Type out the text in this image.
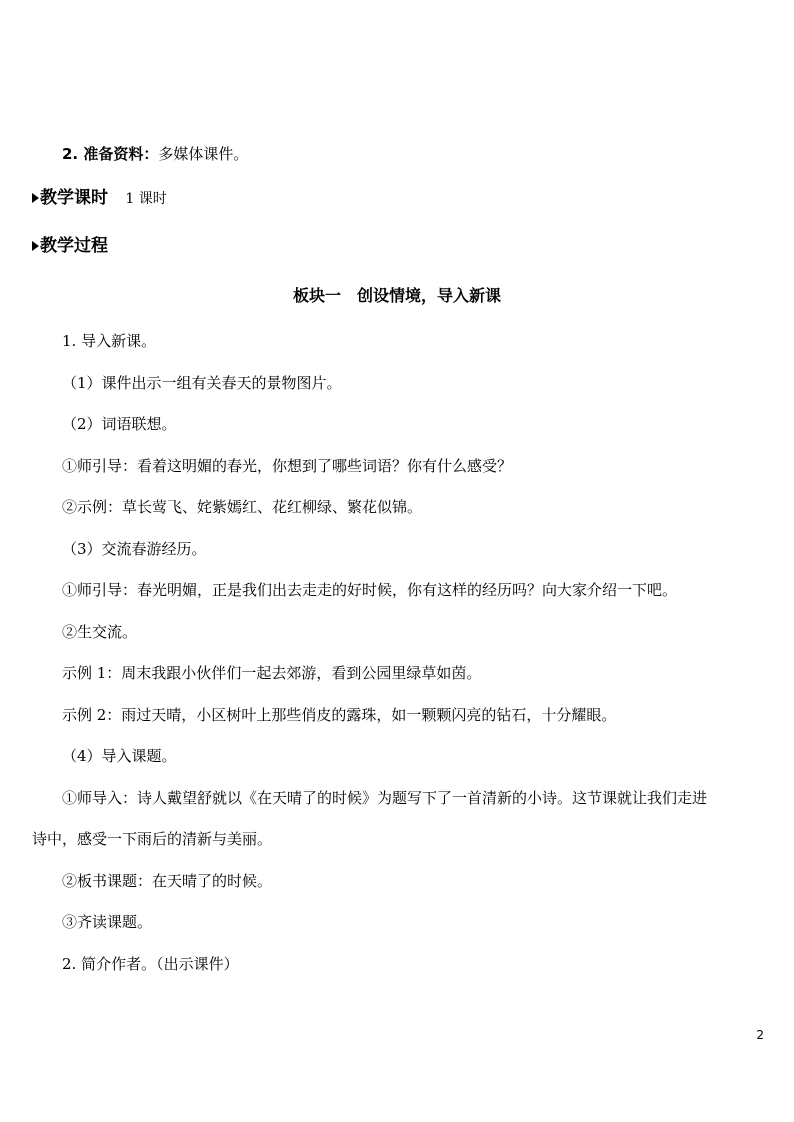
2. 准备资料：多媒体课件。
教学课时 1 课时
教学过程
板块一　创设情境，导入新课
1. 导入新课。
（1）课件出示一组有关春天的景物图片。
（2）词语联想。
①师引导：看着这明媚的春光，你想到了哪些词语？你有什么感受？
②示例：草长莺飞、姹紫嫣红、花红柳绿、繁花似锦。
（3）交流春游经历。
①师引导：春光明媚，正是我们出去走走的好时候，你有这样的经历吗？向大家介绍一下吧。
②生交流。
示例 1：周末我跟小伙伴们一起去郊游，看到公园里绿草如茵。
示例 2：雨过天晴，小区树叶上那些俏皮的露珠，如一颗颗闪亮的钻石，十分耀眼。
（4）导入课题。
①师导入：诗人戴望舒就以《在天晴了的时候》为题写下了一首清新的小诗。这节课就让我们走进
诗中，感受一下雨后的清新与美丽。
②板书课题：在天晴了的时候。
③齐读课题。
2. 简介作者。（出示课件）
2
